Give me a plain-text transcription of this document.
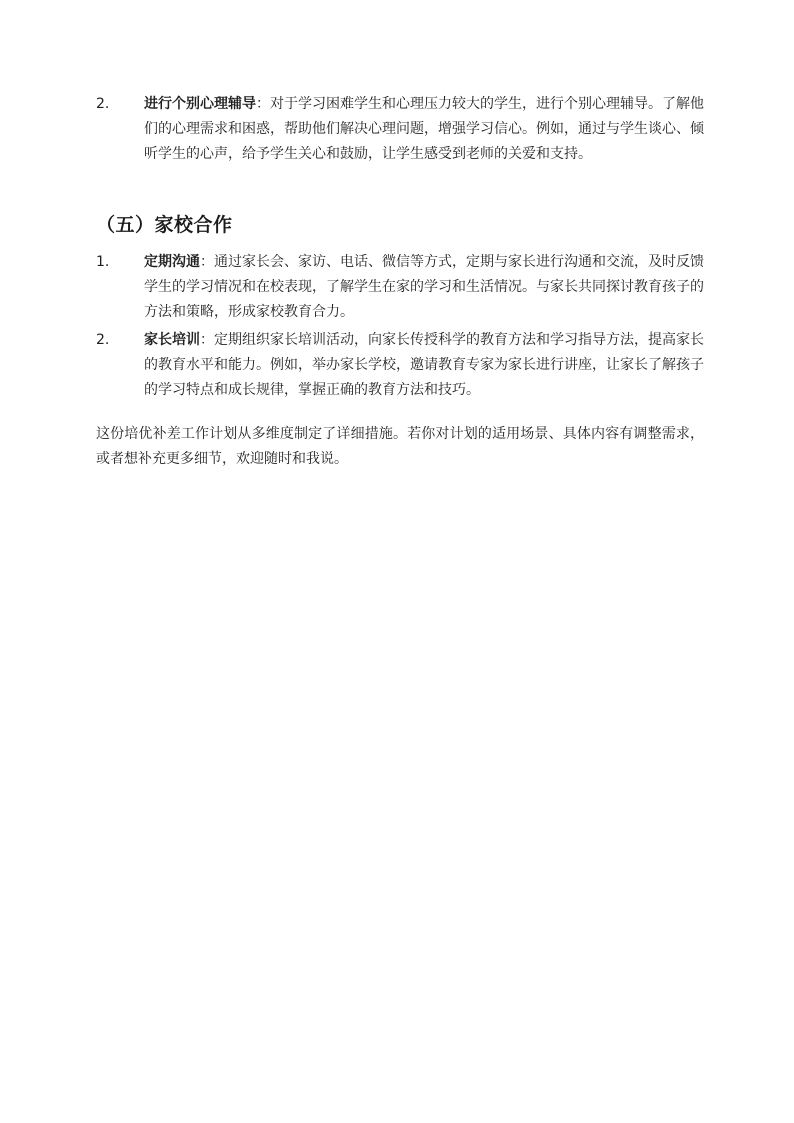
2.	进行个别心理辅导：对于学习困难学生和心理压力较大的学生，进行个别心理辅导。了解他们的心理需求和困惑，帮助他们解决心理问题，增强学习信心。例如，通过与学生谈心、倾听学生的心声，给予学生关心和鼓励，让学生感受到老师的关爱和支持。
（五）家校合作
1.	定期沟通：通过家长会、家访、电话、微信等方式，定期与家长进行沟通和交流，及时反馈学生的学习情况和在校表现，了解学生在家的学习和生活情况。与家长共同探讨教育孩子的方法和策略，形成家校教育合力。
2.	家长培训：定期组织家长培训活动，向家长传授科学的教育方法和学习指导方法，提高家长的教育水平和能力。例如，举办家长学校，邀请教育专家为家长进行讲座，让家长了解孩子的学习特点和成长规律，掌握正确的教育方法和技巧。

这份培优补差工作计划从多维度制定了详细措施。若你对计划的适用场景、具体内容有调整需求，或者想补充更多细节，欢迎随时和我说。
